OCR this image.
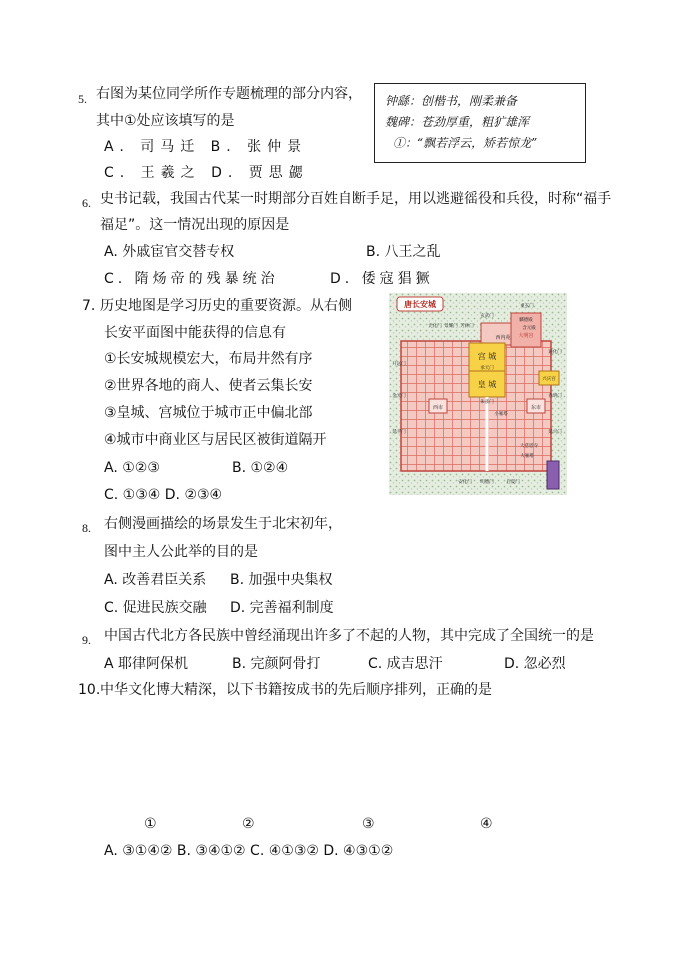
5. 右图为某位同学所作专题梳理的部分内容，
其中①处应该填写的是
A. 司马迁 B. 张仲景
C. 王羲之 D. 贾思勰
钟繇：创楷书，刚柔兼备
魏碑：苍劲厚重，粗犷雄浑
①：“飘若浮云，矫若惊龙”
6. 史书记载，我国古代某一时期部分百姓自断手足，用以逃避徭役和兵役，时称“福手
福足”。这一情况出现的原因是
A. 外戚宦官交替专权	B. 八王之乱
C. 隋炀帝的残暴统治	D. 倭寇猖獗
7. 历史地图是学习历史的重要资源。从右侧
长安平面图中能获得的信息有
①长安城规模宏大，布局井然有序
②世界各地的商人、使者云集长安
③皇城、宫城位于城市正中偏北部
④城市中商业区与居民区被街道隔开
A. ①②③	B. ①②④
C. ①③④ D. ②③④
唐长安城
宫 城
皇 城
西市	东市
西内苑 大明宫
兴庆宫
朱雀门
承天门
春明门
通化门
延兴门
延平门
金光门
开远门
明德门	启夏门
安化门
大雁塔
小雁塔
大慈恩寺
重玄门
含元殿
麟德殿
光化门 景耀门 芳林门
玄武门
8. 右侧漫画描绘的场景发生于北宋初年，
图中主人公此举的目的是
A. 改善君臣关系 B. 加强中央集权
C. 促进民族交融 D. 完善福利制度
9. 中国古代北方各民族中曾经涌现出许多了不起的人物，其中完成了全国统一的是
A 耶律阿保机	B. 完颜阿骨打	C. 成吉思汗	D. 忽必烈
10. 中华文化博大精深，以下书籍按成书的先后顺序排列，正确的是
①	②	③	④
A. ③①④② B. ③④①② C. ④①③② D. ④③①②
